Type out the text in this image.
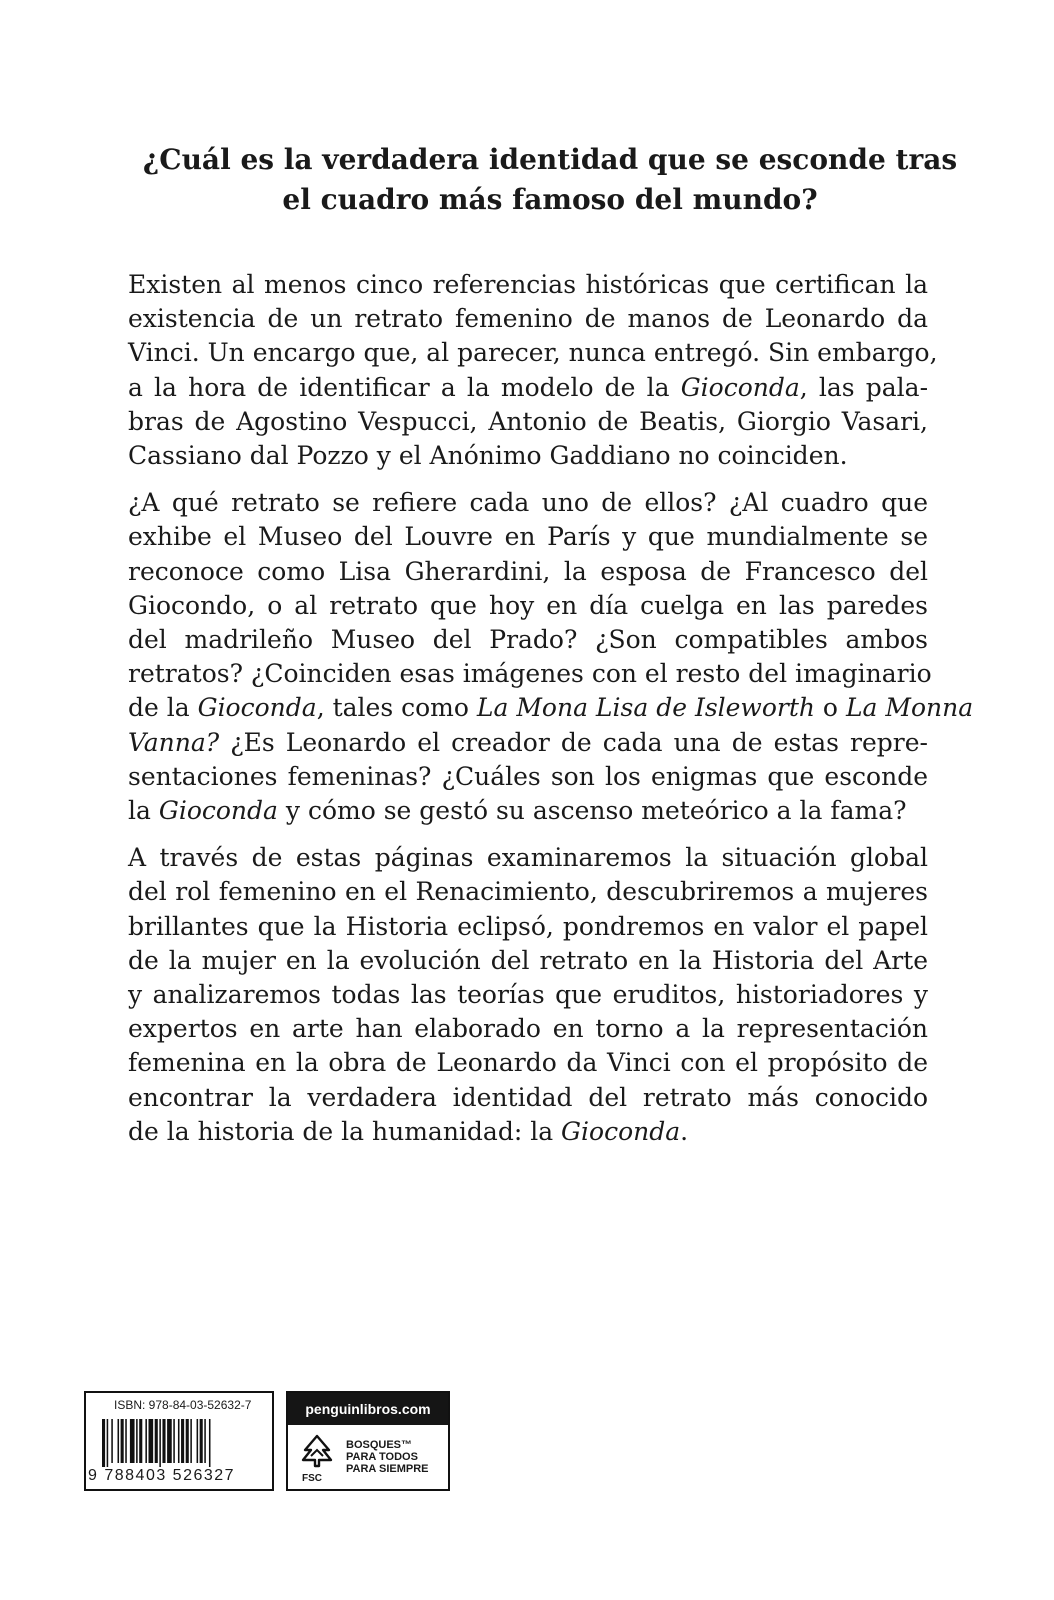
¿Cuál es la verdadera identidad que se esconde tras
el cuadro más famoso del mundo?

Existen al menos cinco referencias históricas que certifican la
existencia de un retrato femenino de manos de Leonardo da
Vinci. Un encargo que, al parecer, nunca entregó. Sin embargo,
a la hora de identificar a la modelo de la Gioconda, las pala-
bras de Agostino Vespucci, Antonio de Beatis, Giorgio Vasari,
Cassiano dal Pozzo y el Anónimo Gaddiano no coinciden.

¿A qué retrato se refiere cada uno de ellos? ¿Al cuadro que
exhibe el Museo del Louvre en París y que mundialmente se
reconoce como Lisa Gherardini, la esposa de Francesco del
Giocondo, o al retrato que hoy en día cuelga en las paredes
del madrileño Museo del Prado? ¿Son compatibles ambos
retratos? ¿Coinciden esas imágenes con el resto del imaginario
de la Gioconda, tales como La Mona Lisa de Isleworth o La Monna
Vanna? ¿Es Leonardo el creador de cada una de estas repre-
sentaciones femeninas? ¿Cuáles son los enigmas que esconde
la Gioconda y cómo se gestó su ascenso meteórico a la fama?

A través de estas páginas examinaremos la situación global
del rol femenino en el Renacimiento, descubriremos a mujeres
brillantes que la Historia eclipsó, pondremos en valor el papel
de la mujer en la evolución del retrato en la Historia del Arte
y analizaremos todas las teorías que eruditos, historiadores y
expertos en arte han elaborado en torno a la representación
femenina en la obra de Leonardo da Vinci con el propósito de
encontrar la verdadera identidad del retrato más conocido
de la historia de la humanidad: la Gioconda.

ISBN: 978-84-03-52632-7
9 788403 526327
penguinlibros.com
FSC
BOSQUES™
PARA TODOS
PARA SIEMPRE
